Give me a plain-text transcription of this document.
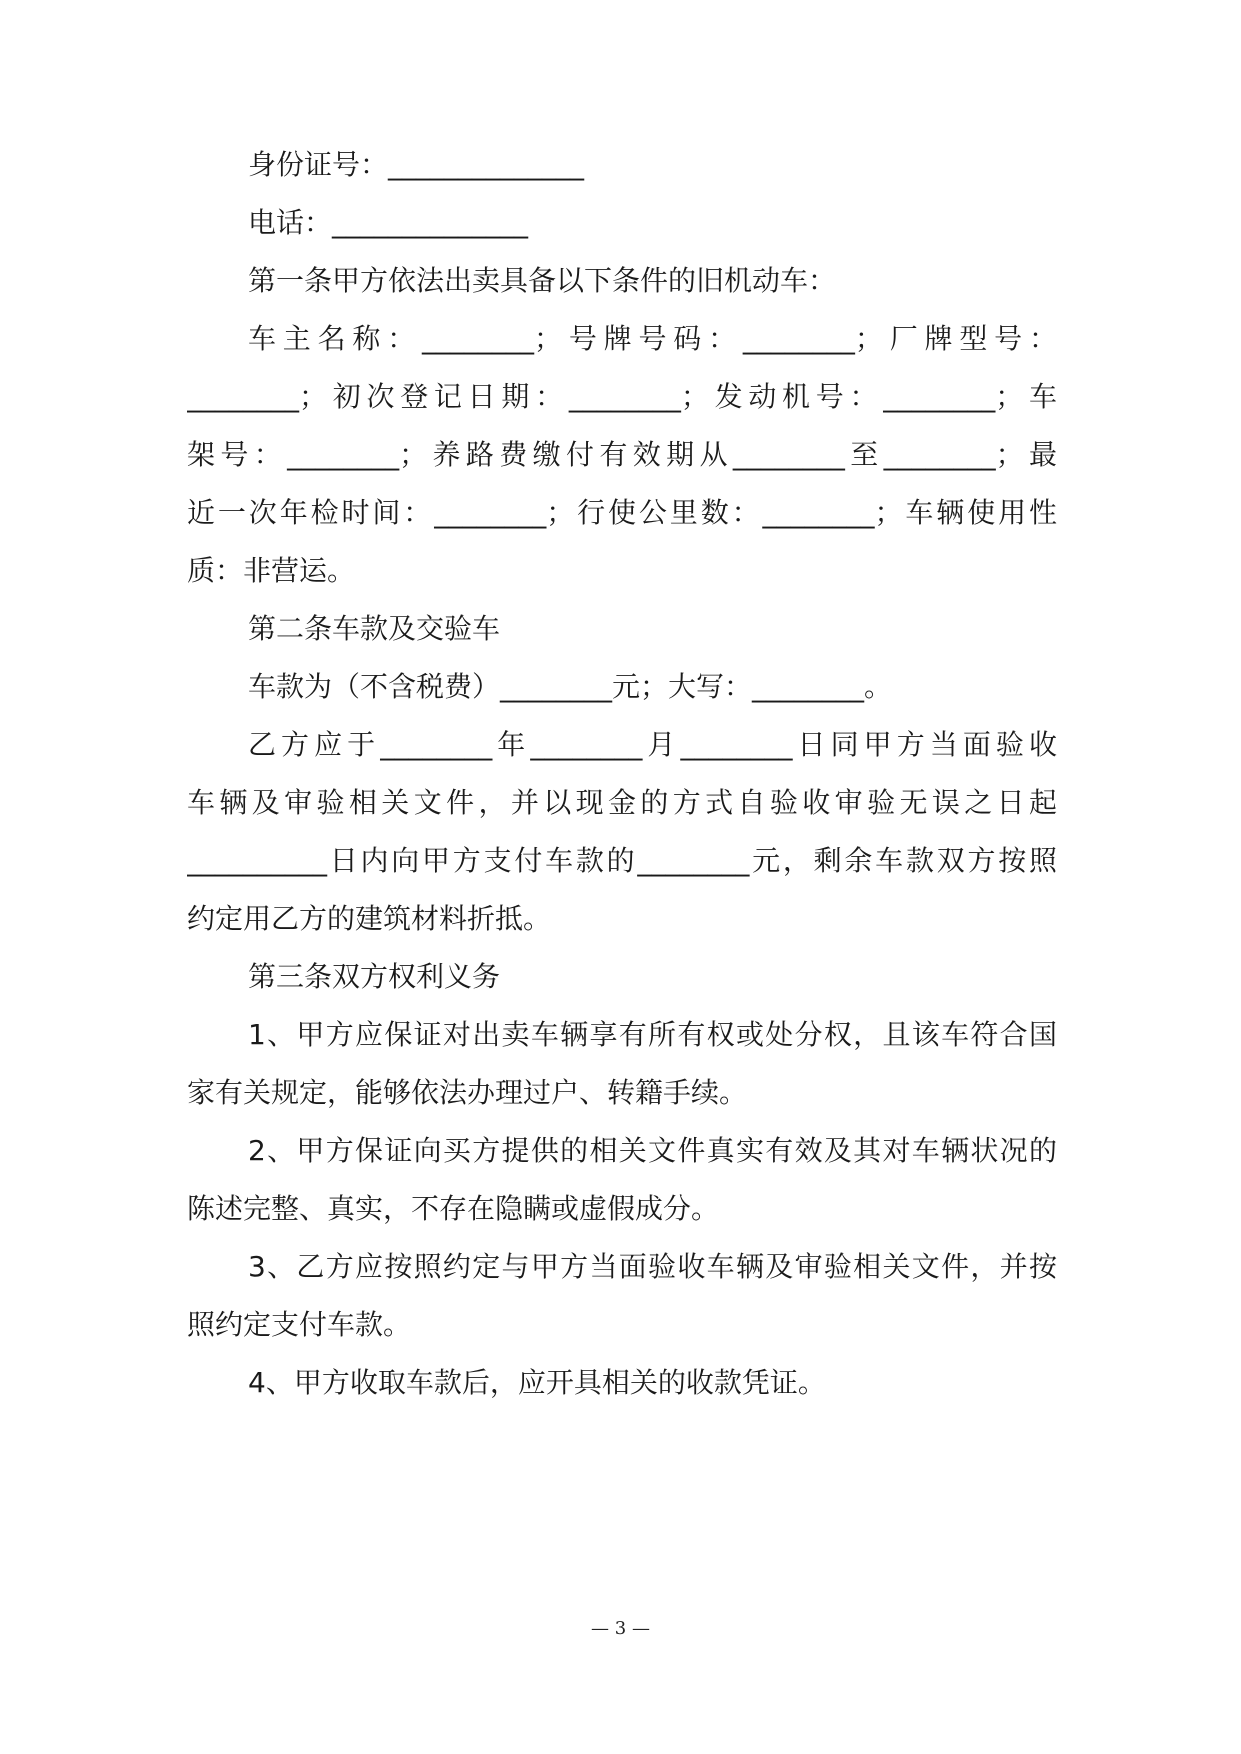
身份证号：______________
电话：______________
第一条甲方依法出卖具备以下条件的旧机动车：
车主名称：________；号牌号码：________；厂牌型号：
________；初次登记日期：________；发动机号：________；车
架号：________；养路费缴付有效期从________至________；最
近一次年检时间：________；行使公里数：________；车辆使用性
质：非营运。
第二条车款及交验车
车款为（不含税费）________元；大写：________。
乙方应于________年________月________日同甲方当面验收
车辆及审验相关文件，并以现金的方式自验收审验无误之日起
__________日内向甲方支付车款的________元，剩余车款双方按照
约定用乙方的建筑材料折抵。
第三条双方权利义务
1、甲方应保证对出卖车辆享有所有权或处分权，且该车符合国
家有关规定，能够依法办理过户、转籍手续。
2、甲方保证向买方提供的相关文件真实有效及其对车辆状况的
陈述完整、真实，不存在隐瞒或虚假成分。
3、乙方应按照约定与甲方当面验收车辆及审验相关文件，并按
照约定支付车款。
4、甲方收取车款后，应开具相关的收款凭证。
— 3 —
